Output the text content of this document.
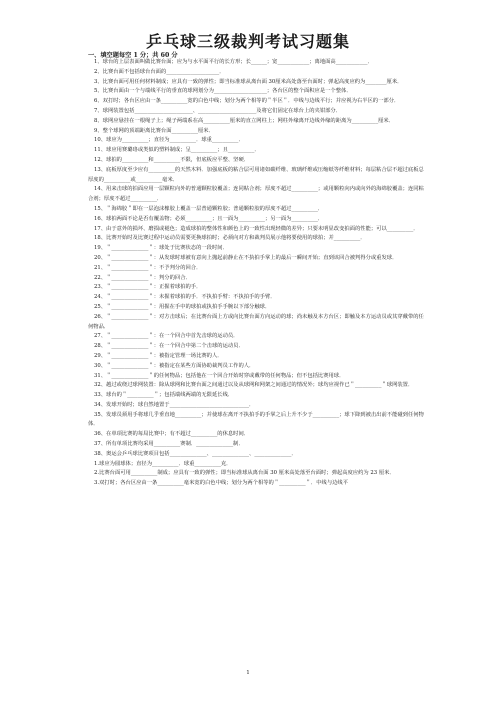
乒乓球三级裁判考试习题集
一、填空题每空 1 分；共 60 分

1、球台的上层表面叫做比赛台面；应为与水平面平行的长方形；长______；宽____________；离地面高____________．

2、比赛台面不包括球台台面的____________________．

3、比赛台面可用任何材料制成；应具有一致的弹性；即当标准球从离台面 30厘米高处落至台面时；弹起高度应约为________厘米．

5、比赛台面由一个与端线平行的垂直的球网划分为____________________；各台区的整个面积应是一个整体．

6、双打时；各台区应由一条__________宽的白色中线；划分为两个相等的＂半区＂．中线与边线平行；并应视为右半区的一部分．

7、球网装置包括______________________、______________________及将它们固定在球台上的夹钳部分．

8、球网应悬挂在一根绳子上；绳子两端系在高__________厘米的直立网柱上；网柱外缘离开边线外缘的距离为__________厘米．

9、整个球网的顶端距离比赛台面__________厘米．

10、球应为__________；直径为__________．球重__________．

11、球应用赛璐珞或类似的塑料制成；呈__________；且__________．

12、球拍的__________和__________不限，但底板应平整、坚硬．

13、底板厚度至少应有__________的天然木料．加强底板的粘合层可用诸如碳纤维、玻璃纤维或压缩纸等纤维材料；每层粘合层不超过底板总厚度的__________或__________毫米．

14、用来击球的拍面应用一层颗粒向外的普通颗粒胶覆盖；连同粘合剂；厚度不超过__________；或用颗粒向内或向外的海绵胶覆盖；连同粘合剂；厚度不超过__________．

15、＂海绵胶＂即在一层泡沫橡胶上覆盖一层普通颗粒胶；普通颗粒胶的厚度不超过__________．

16、球拍两面不论是否有覆盖物；必须__________；且一面为__________；另一面为__________．

17、由于意外的损坏、磨损或褪色；造成球拍的整体性和颜色上的一致性出现轻微的差异；只要未明显改变拍面的性能；可以__________．

18、比赛开始时及比赛过程中运动员需要更换球拍时；必须向对方和裁判员展示他将要使用的球拍；并__________．

19、＂______________＂：球处于比赛状态的一段时间．

20、＂______________＂：从发球时球被有意向上抛起前静止在不执拍手掌上的最后一瞬间开始；直到该回合被判得分或重发球．

21、＂______________＂：不予判分的回合．

22、＂______________＂：判分的回合．

23、＂______________＂：正握着球拍的手．

24、＂______________＂：未握着球拍的手．不执拍手臂：不执拍手的手臂．

25、＂______________＂：用握在手中的球拍或执拍手手腕以下部分触球．

26、＂______________＂：对方击球后；在比赛台面上方或向比赛台面方向运动的球；尚未触及本方台区；即触及本方运动员或其穿戴带的任何物品．

27、＂______________＂：在一个回合中首先击球的运动员．

28、＂______________＂：在一个回合中第二个击球的运动员．

29、＂______________＂：被指定管理一场比赛的人．

30、＂______________＂：被指定在某些方面协助裁判员工作的人．

31、＂______________＂的任何物品；包括他在一个回合开始时穿或戴带的任何物品；但不包括比赛用球．

32、越过或绕过球网装置：除从球网和比赛台面之间通过以及从球网和网架之间通过的情况外；球均应视作已＂__________＂球网装置．

33、球台的＂__________＂；包括端线两端的无限延长线．

34、发球开始时；球自然地置于______________________________．

35、发球员须用手将球几乎垂直地__________；并使球在离开不执拍手的手掌之后上升不少于__________；球下降到被击出前不能碰到任何物体．

36、在单项比赛的每局比赛中；有不超过__________的休息时间．

37、所有单项比赛均采用__________赛制．______________制．

38、奥运会乒乓球比赛项目包括______________、______________、______________．

1.球应为圆球体；直径为__________．球重__________克．

2.比赛台面可用__________制成；应具有一致的弹性；即当标准球从离台面 30 厘米高处落至台面时；弹起高度应约为 23 厘米．

3.双打时；各台区应由一条__________毫米宽的白色中线；划分为两个相等的＂__________＂．中线与边线平

1
